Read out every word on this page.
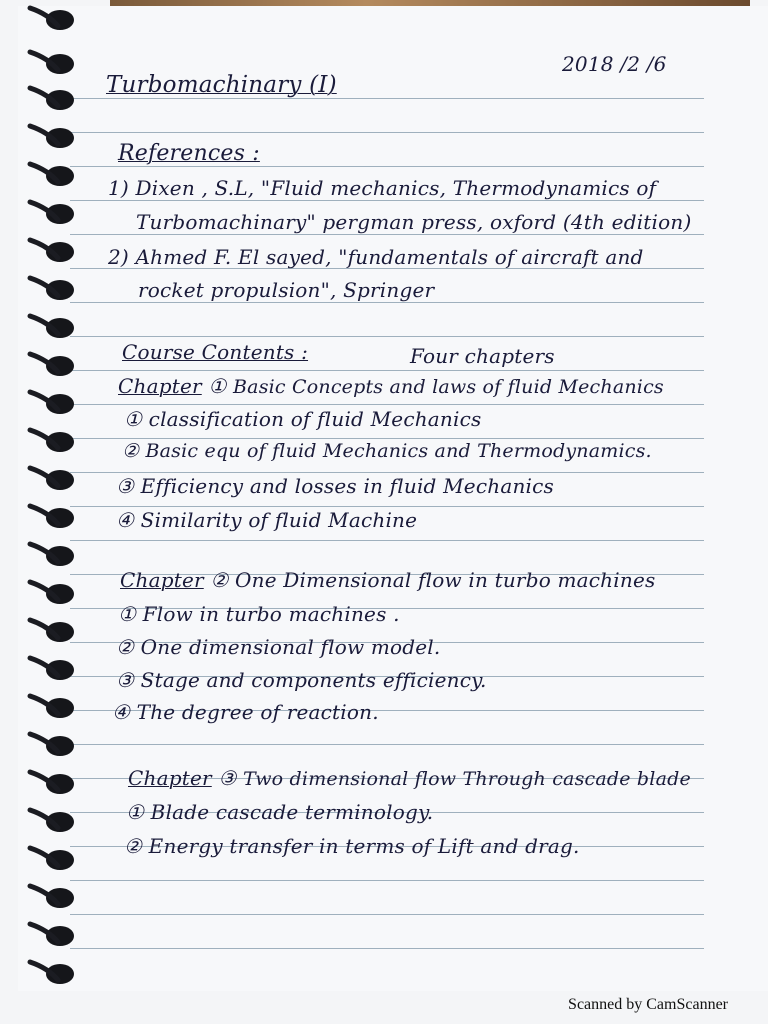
2018 /2 /6
Turbomachinary (I)
References :
1) Dixen , S.L, "Fluid mechanics, Thermodynamics of
Turbomachinary" pergman press, oxford (4th edition)
2) Ahmed F. El sayed, "fundamentals of aircraft and
rocket propulsion", Springer
Course Contents :	Four chapters
Chapter ① Basic Concepts and laws of fluid Mechanics
① classification of fluid Mechanics
② Basic equ of fluid Mechanics and Thermodynamics.
③ Efficiency and losses in fluid Mechanics
④ Similarity of fluid Machine
Chapter ② One Dimensional flow in turbo machines
① Flow in turbo machines .
② One dimensional flow model.
③ Stage and components efficiency.
④ The degree of reaction.
Chapter ③ Two dimensional flow Through cascade blade
① Blade cascade terminology.
② Energy transfer in terms of Lift and drag.
Scanned by CamScanner
